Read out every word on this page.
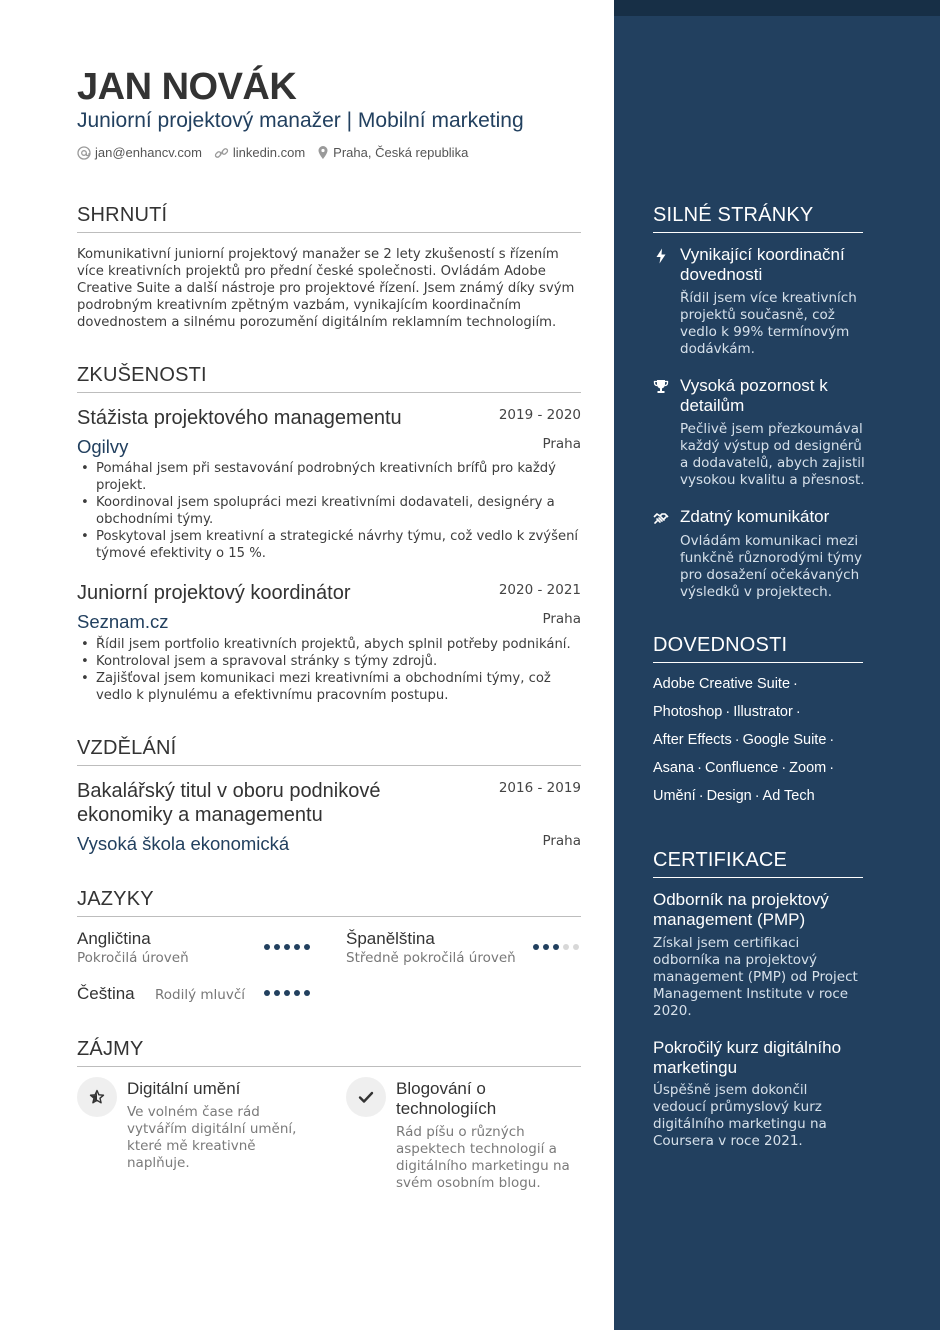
JAN NOVÁK
Juniorní projektový manažer | Mobilní marketing
jan@enhancv.com linkedin.com Praha, Česká republika
SHRNUTÍ
Komunikativní juniorní projektový manažer se 2 lety zkušeností s řízením více kreativních projektů pro přední české společnosti. Ovládám Adobe Creative Suite a další nástroje pro projektové řízení. Jsem známý díky svým podrobným kreativním zpětným vazbám, vynikajícím koordinačním dovednostem a silnému porozumění digitálním reklamním technologiím.
ZKUŠENOSTI
Stážista projektového managementu	2019 - 2020
Ogilvy	Praha
• Pomáhal jsem při sestavování podrobných kreativních brífů pro každý projekt.
• Koordinoval jsem spolupráci mezi kreativními dodavateli, designéry a obchodními týmy.
• Poskytoval jsem kreativní a strategické návrhy týmu, což vedlo k zvýšení týmové efektivity o 15 %.
Juniorní projektový koordinátor	2020 - 2021
Seznam.cz	Praha
• Řídil jsem portfolio kreativních projektů, abych splnil potřeby podnikání.
• Kontroloval jsem a spravoval stránky s týmy zdrojů.
• Zajišťoval jsem komunikaci mezi kreativními a obchodními týmy, což vedlo k plynulému a efektivnímu pracovním postupu.
VZDĚLÁNÍ
Bakalářský titul v oboru podnikové ekonomiky a managementu
2016 - 2019
Vysoká škola ekonomická	Praha
JAZYKY
Angličtina
Pokročilá úroveň
Španělština
Středně pokročilá úroveň
Čeština Rodilý mluvčí
ZÁJMY
Digitální umění
Ve volném čase rád vytvářím digitální umění, které mě kreativně naplňuje.
Blogování o technologiích
Rád píšu o různých aspektech technologií a digitálního marketingu na svém osobním blogu.
SILNÉ STRÁNKY
Vynikající koordinační dovednosti
Řídil jsem více kreativních projektů současně, což vedlo k 99% termínovým dodávkám.
Vysoká pozornost k detailům
Pečlivě jsem přezkoumával každý výstup od designérů a dodavatelů, abych zajistil vysokou kvalitu a přesnost.
Zdatný komunikátor
Ovládám komunikaci mezi funkčně různorodými týmy pro dosažení očekávaných výsledků v projektech.
DOVEDNOSTI
Adobe Creative Suite ·
Photoshop · Illustrator ·
After Effects · Google Suite ·
Asana · Confluence · Zoom ·
Umění · Design · Ad Tech
CERTIFIKACE
Odborník na projektový management (PMP)
Získal jsem certifikaci odborníka na projektový management (PMP) od Project Management Institute v roce 2020.
Pokročilý kurz digitálního marketingu
Úspěšně jsem dokončil vedoucí průmyslový kurz digitálního marketingu na Coursera v roce 2021.
